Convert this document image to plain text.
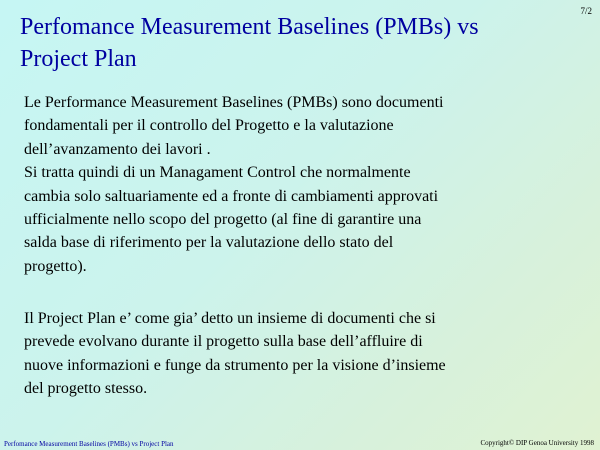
7/2
Perfomance Measurement Baselines (PMBs) vs
Project Plan
Le Performance Measurement Baselines (PMBs) sono documenti
fondamentali per il controllo del Progetto e la valutazione
dell’avanzamento dei lavori .
Si tratta quindi di un Managament Control che normalmente
cambia solo saltuariamente ed a fronte di cambiamenti approvati
ufficialmente nello scopo del progetto (al fine di garantire una
salda base di riferimento per la valutazione dello stato del
progetto).
Il Project Plan e’ come gia’ detto un insieme di documenti che si
prevede evolvano durante il progetto sulla base dell’affluire di
nuove informazioni e funge da strumento per la visione d’insieme
del progetto stesso.
Perfomance Measurement Baselines (PMBs) vs Project Plan	Copyright© DIP Genoa University 1998
